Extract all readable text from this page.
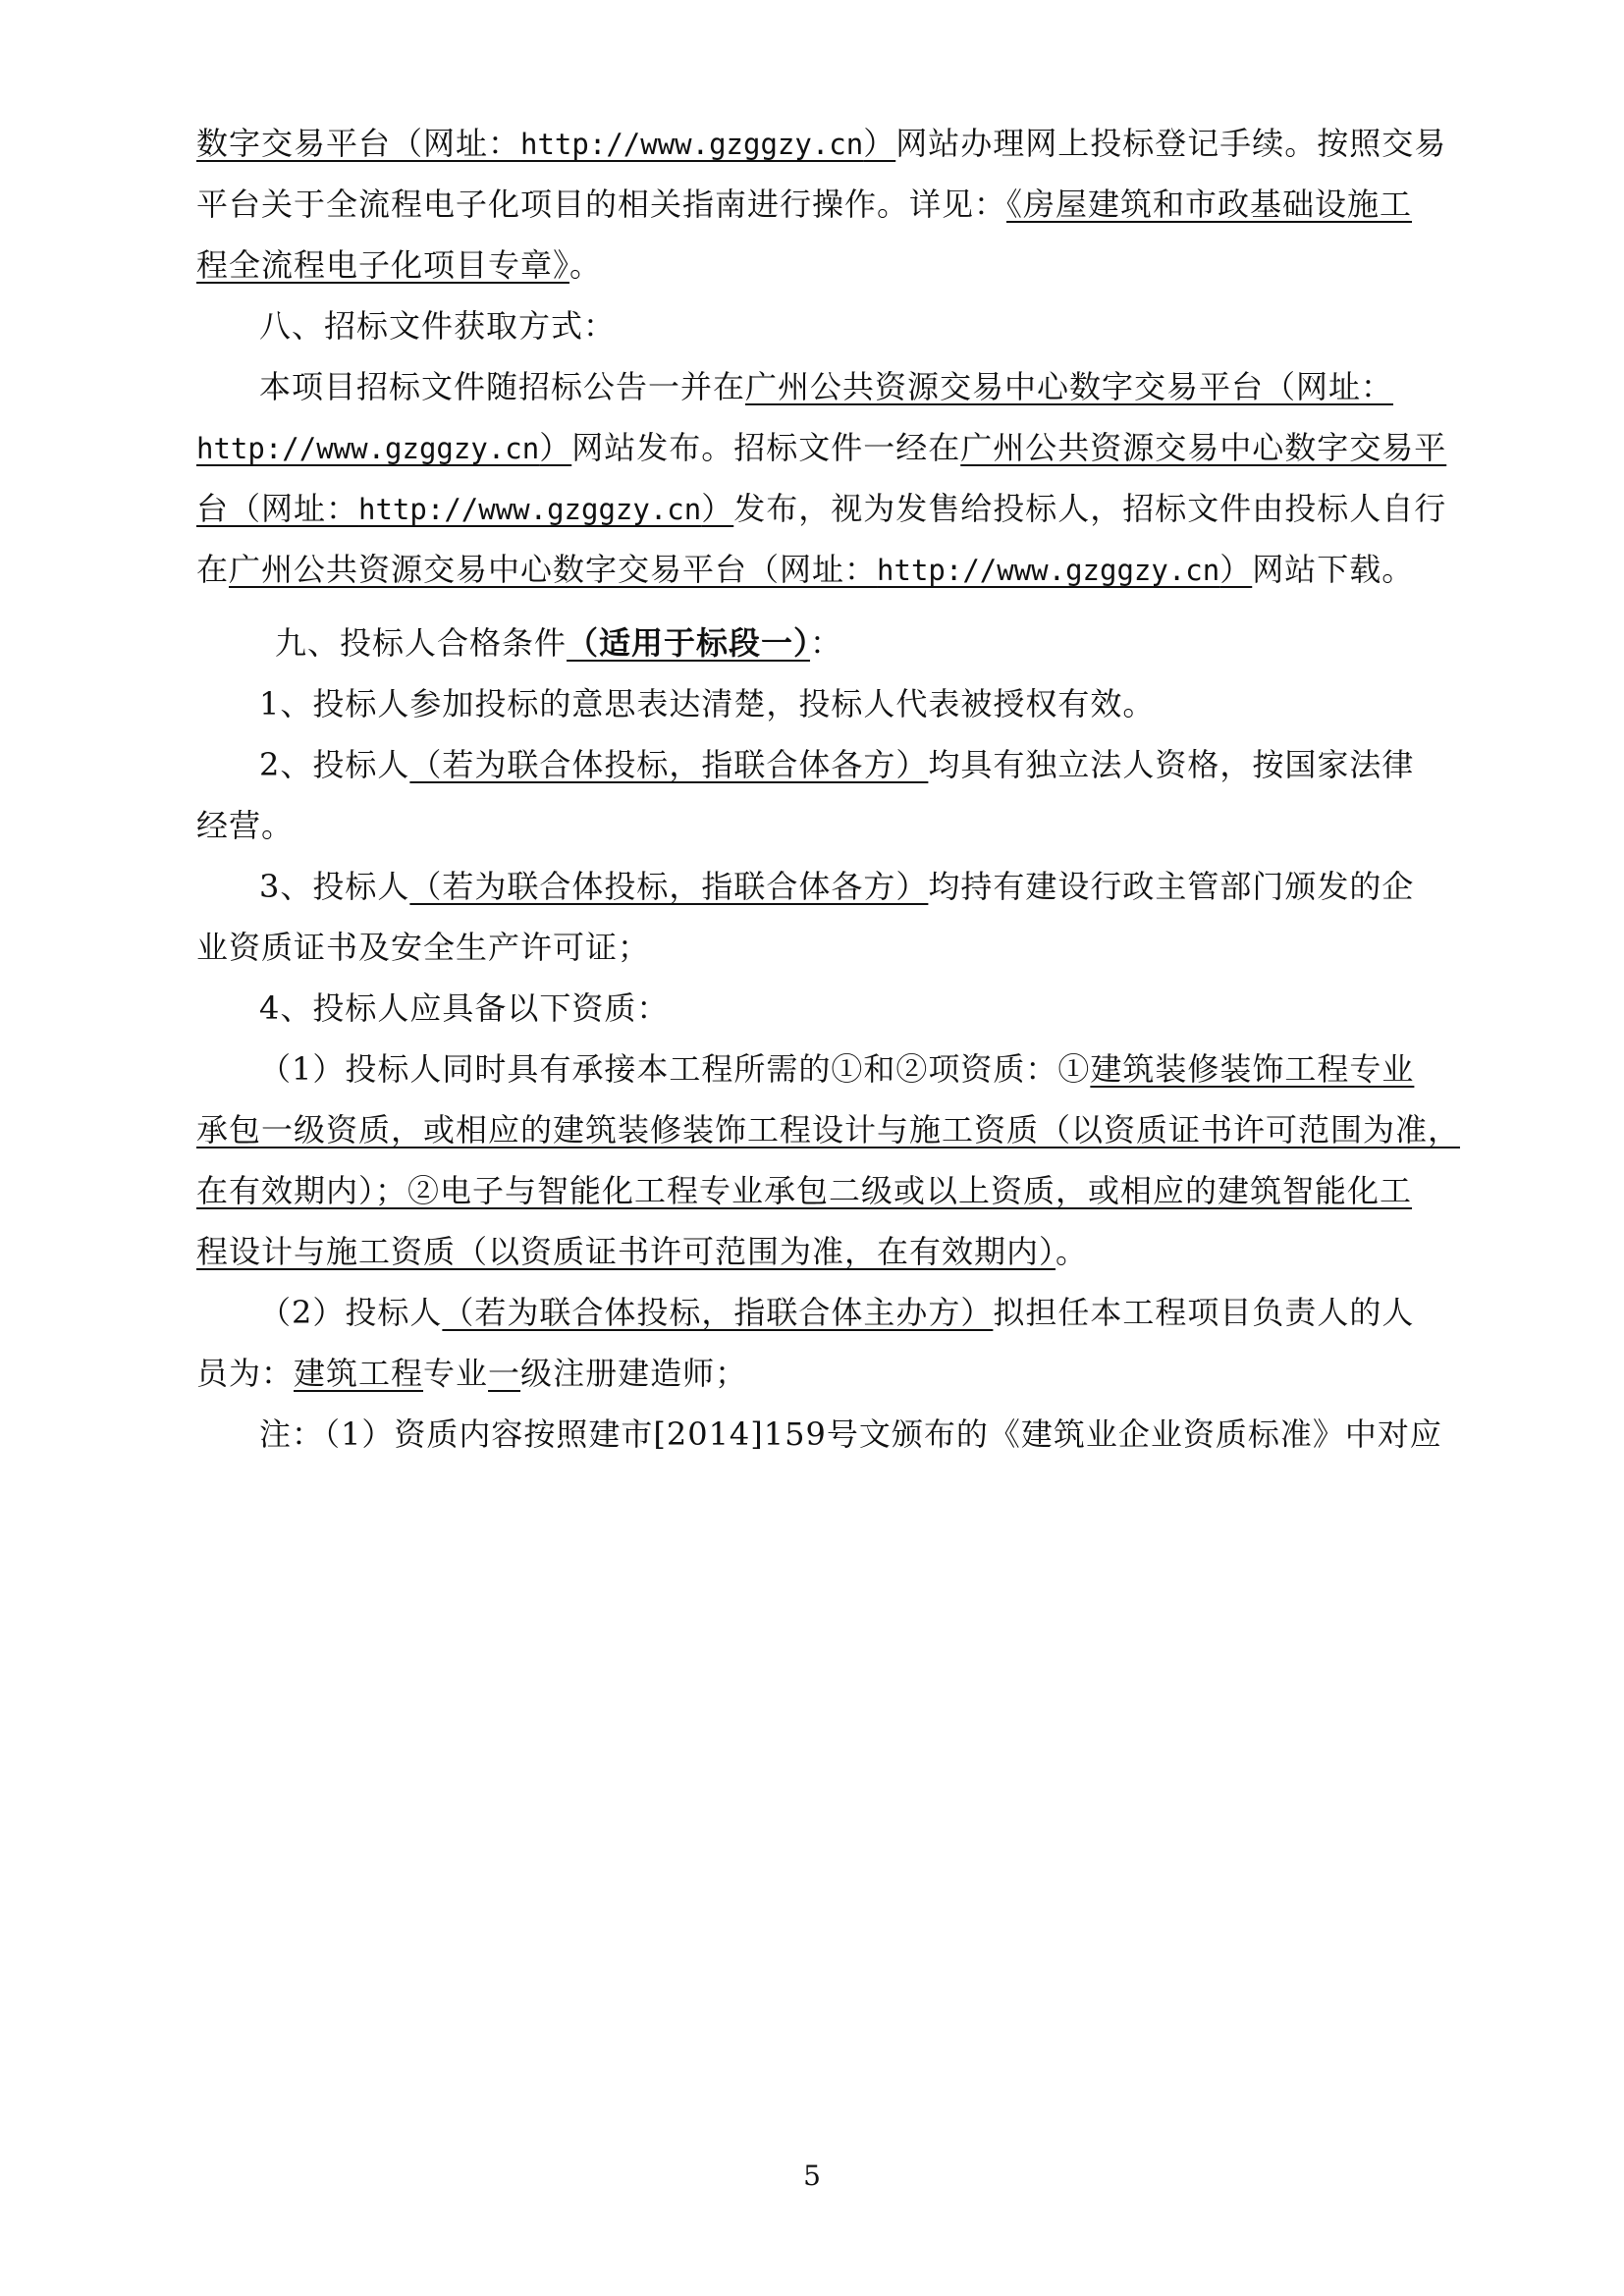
数字交易平台（网址：http://www.gzggzy.cn）网站办理网上投标登记手续。按照交易
平台关于全流程电子化项目的相关指南进行操作。详见：《房屋建筑和市政基础设施工
程全流程电子化项目专章》。
八、招标文件获取方式：
本项目招标文件随招标公告一并在广州公共资源交易中心数字交易平台（网址：
http://www.gzggzy.cn）网站发布。招标文件一经在广州公共资源交易中心数字交易平
台（网址：http://www.gzggzy.cn）发布，视为发售给投标人，招标文件由投标人自行
在广州公共资源交易中心数字交易平台（网址：http://www.gzggzy.cn）网站下载。
九、投标人合格条件（适用于标段一）：
1、投标人参加投标的意思表达清楚，投标人代表被授权有效。
2、投标人（若为联合体投标，指联合体各方）均具有独立法人资格，按国家法律
经营。
3、投标人（若为联合体投标，指联合体各方）均持有建设行政主管部门颁发的企
业资质证书及安全生产许可证；
4、投标人应具备以下资质：
（1）投标人同时具有承接本工程所需的①和②项资质：①建筑装修装饰工程专业
承包一级资质，或相应的建筑装修装饰工程设计与施工资质（以资质证书许可范围为准，
在有效期内）；②电子与智能化工程专业承包二级或以上资质，或相应的建筑智能化工
程设计与施工资质（以资质证书许可范围为准，在有效期内）。
（2）投标人（若为联合体投标，指联合体主办方）拟担任本工程项目负责人的人
员为：建筑工程专业一级注册建造师；
注：（1）资质内容按照建市[2014]159号文颁布的《建筑业企业资质标准》中对应
5
